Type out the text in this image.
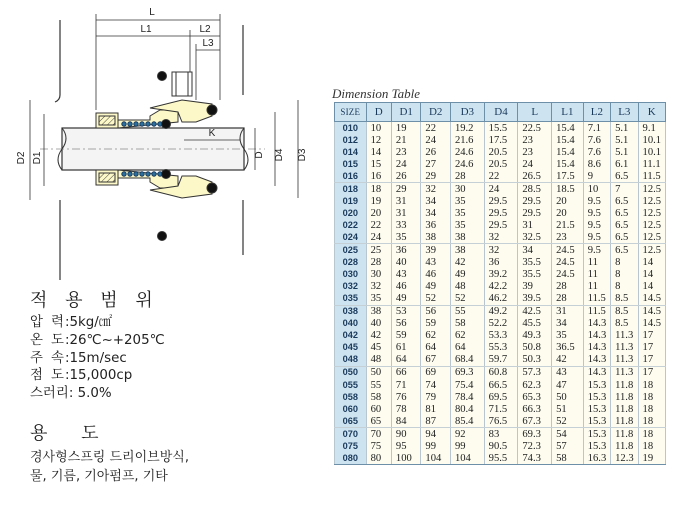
L
L1	L2
L3
D2 D1
K
D D4 D3
적 용 범 위
압 력:5kg/㎠
온 도:26℃~+205℃
주 속:15m/sec
점 도:15,000cp
스러리: 5.0%
용 도
경사형스프링 드리이브방식,
물, 기름, 기아펌프, 기타
Dimension Table
SIZE	D	D1	D2	D3	D4	L	L1	L2	L3	K
010	10	19	22	19.2	15.5	22.5	15.4	7.1	5.1	9.1
012	12	21	24	21.6	17.5	23	15.4	7.6	5.1	10.1
014	14	23	26	24.6	20.5	23	15.4	7.6	5.1	10.1
015	15	24	27	24.6	20.5	24	15.4	8.6	6.1	11.1
016	16	26	29	28	22	26.5	17.5	9	6.5	11.5
018	18	29	32	30	24	28.5	18.5	10	7	12.5
019	19	31	34	35	29.5	29.5	20	9.5	6.5	12.5
020	20	31	34	35	29.5	29.5	20	9.5	6.5	12.5
022	22	33	36	35	29.5	31	21.5	9.5	6.5	12.5
024	24	35	38	38	32	32.5	23	9.5	6.5	12.5
025	25	36	39	38	32	34	24.5	9.5	6.5	12.5
028	28	40	43	42	36	35.5	24.5	11	8	14
030	30	43	46	49	39.2	35.5	24.5	11	8	14
032	32	46	49	48	42.2	39	28	11	8	14
035	35	49	52	52	46.2	39.5	28	11.5	8.5	14.5
038	38	53	56	55	49.2	42.5	31	11.5	8.5	14.5
040	40	56	59	58	52.2	45.5	34	14.3	8.5	14.5
042	42	59	62	62	53.3	49.3	35	14.3	11.3	17
045	45	61	64	64	55.3	50.8	36.5	14.3	11.3	17
048	48	64	67	68.4	59.7	50.3	42	14.3	11.3	17
050	50	66	69	69.3	60.8	57.3	43	14.3	11.3	17
055	55	71	74	75.4	66.5	62.3	47	15.3	11.8	18
058	58	76	79	78.4	69.5	65.3	50	15.3	11.8	18
060	60	78	81	80.4	71.5	66.3	51	15.3	11.8	18
065	65	84	87	85.4	76.5	67.3	52	15.3	11.8	18
070	70	90	94	92	83	69.3	54	15.3	11.8	18
075	75	95	99	99	90.5	72.3	57	15.3	11.8	18
080	80	100	104	104	95.5	74.3	58	16.3	12.3	19
